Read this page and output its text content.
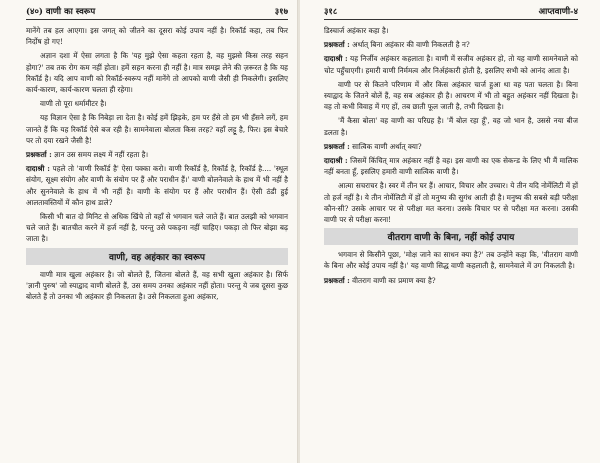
(४०) वाणी का स्वरूप	३१७

मानेंगे तब हल आएगा। इस जगत् को जीतने का दूसरा कोई उपाय नहीं है। रिकॉर्ड कहा, तब फिर निर्दोष हो गए!

अज्ञान दशा में ऐसा लगता है कि 'यह मुझे ऐसा कहता रहता है, वह मुझसे किस तरह सहन होगा?' तब तक रोग कम नहीं होता। हमें सहन करना ही नहीं है। मात्र समझ लेने की ज़रूरत है कि यह रिकॉर्ड है। यदि आप वाणी को रिकॉर्ड-स्वरूप नहीं मानेंगे तो आपको वाणी जैसी ही निकलेगी। इसलिए कार्य-कारण, कार्य-कारण चलता ही रहेगा।

वाणी तो पूरा धर्मामीटर है।

यह विज्ञान ऐसा है कि निबेड़ा ला देता है। कोई हमें झिड़के, हम पर हँसे तो हम भी हँसने लगें, हम जानते हैं कि यह रिकॉर्ड ऐसे बज रही है। सामनेवाला बोलता किस तरह? वहाँ लट्टू है, फिर। इस बेचारे पर तो दया रखने जैसी है!

प्रश्नकर्ता : ज्ञान उस समय लक्ष्य में नहीं रहता है।

दादाश्री : पहले तो 'वाणी रिकॉर्ड है' ऐसा पक्का करो। वाणी रिकॉर्ड है, रिकॉर्ड है, रिकॉर्ड है.... 'स्थूल संयोग, सूक्ष्म संयोग और वाणी के संयोग पर हैं और पराधीन हैं।' वाणी बोलनेवाले के हाथ में भी नहीं है और सुननेवाले के हाथ में भी नहीं है। वाणी के संयोग पर हैं और पराधीन हैं। ऐसी ठंडी हुई आलतावस्तियों में कौन हाथ डाले?

किसी भी बात दो मिनिट से अधिक खिंचे तो वहाँ से भगवान चले जाते हैं। बात उलझी को भगवान चले जाते हैं। बातचीत करने में हर्ज नहीं है, परन्तु उसे पकड़ना नहीं चाहिए। पकड़ा तो फिर बोझा बढ़ जाता है।

वाणी, वह अहंकार का स्वरूप

वाणी मात्र खुला अहंकार है। जो बोलते हैं, जितना बोलते हैं, वह सभी खुला अहंकार है। सिर्फ 'ज्ञानी पुरुष' जो स्याद्वाद वाणी बोलते हैं, उस समय उनका अहंकार नहीं होता। परन्तु ये जब दूसरा कुछ बोलते हैं तो उनका भी अहंकार ही निकलता है। उसे निकलता हुआ अहंकार,

३१८	आप्तवाणी-४

डिस्चार्ज अहंकार कहा है।

प्रश्नकर्ता : अर्थात् बिना अहंकार की वाणी निकलती है न?

दादाश्री : यह निर्जीव अहंकार कहलाता है। वाणी में सजीव अहंकार हो, तो यह वाणी सामनेवाले को चोट पहुँचाएगी। हमारी वाणी निर्ममत्व और निर्अहंकारी होती है, इसलिए सभी को आनंद आता है।

वाणी पर से कितने परिणाम में और किस अहंकार चार्ज हुआ था वह पता चलता है। बिना स्याद्वाद के जितने बोलें हैं, वह सब अहंकार ही है। आचरण में भी तो बहुत अहंकार नहीं दिखता है। वह तो कभी विवाह में गए हों, तब छाती फूल जाती है, तभी दिखता है।

'मैं कैसा बोला' वह वाणी का परिग्रह है। 'मैं बोल रहा हूँ', वह जो भान है, उससे नया बीज डलता है।

प्रश्नकर्ता : सात्विक वाणी अर्थात् क्या?

दादाश्री : जिसमें किंचित् मात्र अहंकार नहीं है वह। इस वाणी का एक सेकन्ड के लिए भी मैं मालिक नहीं बनता हूँ, इसलिए हमारी वाणी सात्विक वाणी है।

आत्मा सचराचर है। स्वर में तीन घर हैं। आचार, विचार और उच्चार। ये तीन यदि नोर्मेलिटी में हों तो हर्ज नहीं है। ये तीन नोर्मेलिटी में हों तो मनुष्य की सुगंध आती ही है। मनुष्य की सबसे बड़ी परीक्षा कौन-सी? उसके आचार पर से परीक्षा मत करना। उसके विचार पर से परीक्षा मत करना। उसकी वाणी पर से परीक्षा करना!

वीतराग वाणी के बिना, नहीं कोई उपाय

भगवान से किसीने पूछा, 'मोक्ष जाने का साधन क्या है?' तब उन्होंने कहा कि, 'वीतराग वाणी के बिना और कोई उपाय नहीं है।' यह वाणी सिद्ध वाणी कहलाती है, सामनेवाले में उग निकलती है।

प्रश्नकर्ता : वीतराग वाणी का प्रमाण क्या है?
